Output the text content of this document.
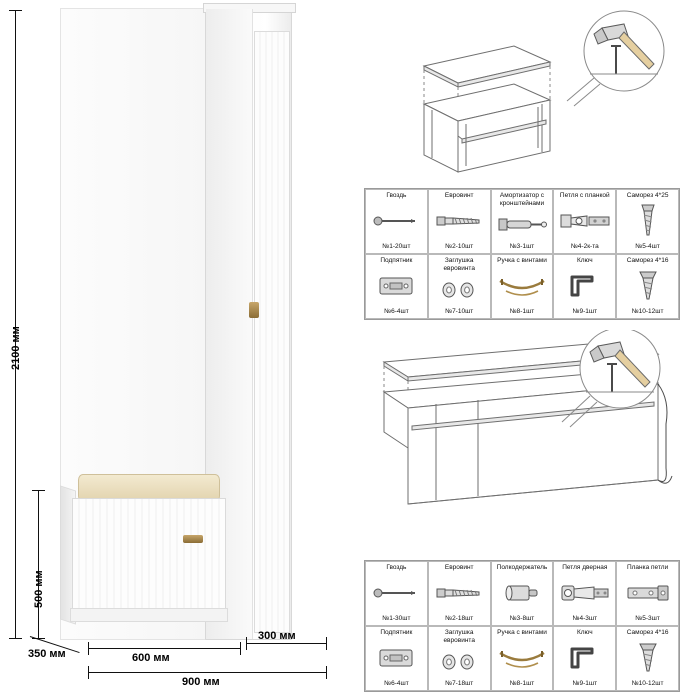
2100 мм
500 мм
350 мм	600 мм
300 мм
900 мм
Гвоздь
№1-20шт
Евровинт
№2-10шт
Амортизатор с кронштейнами
№3-1шт
Петля с планкой
№4-2к-та
Саморез 4*25
№5-4шт
Подпятник
№6-4шт
Заглушка евровинта
№7-10шт
Ручка с винтами
№8-1шт
Ключ
№9-1шт
Саморез 4*16
№10-12шт
Гвоздь
№1-30шт
Евровинт
№2-18шт
Полкодержатель
№3-8шт
Петля дверная
№4-3шт
Планка петли
№5-3шт
Подпятник
№6-4шт
Заглушка евровинта
№7-18шт
Ручка с винтами
№8-1шт
Ключ
№9-1шт
Саморез 4*16
№10-12шт
